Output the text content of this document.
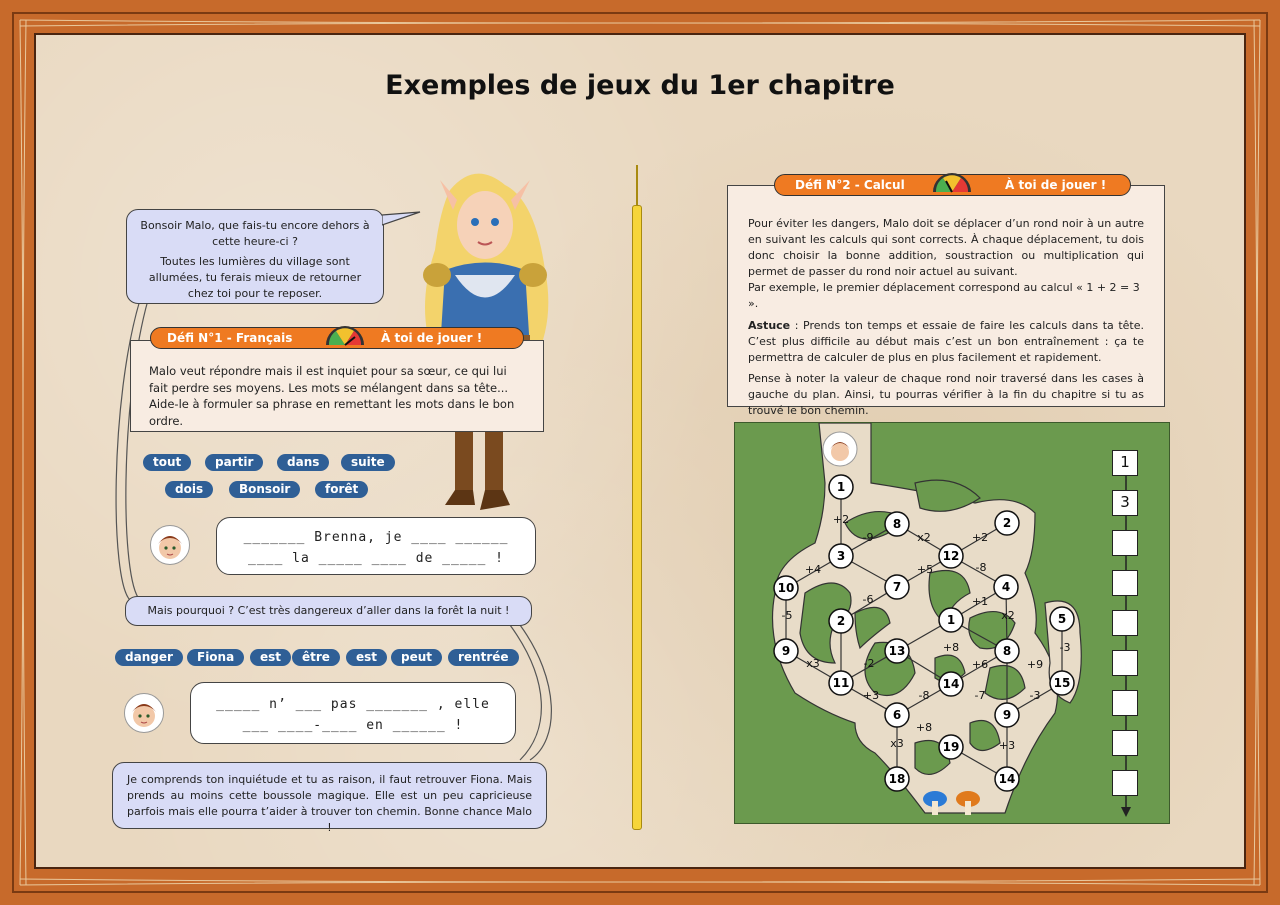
Exemples de jeux du 1er chapitre
Bonsoir Malo, que fais-tu encore dehors à cette heure-ci ?
Toutes les lumières du village sont allumées, tu ferais mieux de retourner chez toi pour te reposer.
Malo veut répondre mais il est inquiet pour sa sœur, ce qui lui fait perdre ses moyens. Les mots se mélangent dans sa tête... Aide-le à formuler sa phrase en remettant les mots dans le bon ordre.
Défi N°1 - Français	À toi de jouer !
tout	partir	dans	suite
dois	Bonsoir	forêt
_______ Brenna, je ____ ______
____ la _____ ____ de _____ !
Mais pourquoi ? C’est très dangereux d’aller dans la forêt la nuit !
danger	Fiona	est	être	est	peut	rentrée
_____ n’ ___ pas _______ , elle
___ ____-____ en ______ !
Je comprends ton inquiétude et tu as raison, il faut retrouver Fiona. Mais prends au moins cette boussole magique. Elle est un peu capricieuse parfois mais elle pourra t’aider à trouver ton chemin. Bonne chance Malo !
Pour éviter les dangers, Malo doit se déplacer d’un rond noir à un autre en suivant les calculs qui sont corrects. À chaque déplacement, tu dois donc choisir la bonne addition, soustraction ou multiplication qui permet de passer du rond noir actuel au suivant.
Par exemple, le premier déplacement correspond au calcul « 1 + 2 = 3 ».
Astuce : Prends ton temps et essaie de faire les calculs dans ta tête. C’est plus difficile au début mais c’est un bon entraînement : ça te permettra de calculer de plus en plus facilement et rapidement.
Pense à noter la valeur de chaque rond noir traversé dans les cases à gauche du plan. Ainsi, tu pourras vérifier à la fin du chapitre si tu as trouvé le bon chemin.
Défi N°2 - Calcul	À toi de jouer !
+2
-9	x2	+2
+4	+5	-8
-6	+1
-5	x2
x3	-2
+8
+6	+9
-3
-3
+3
-8	-7
+8
x3
+3
1
8	2
3	12
7	4
10
2	1	5
9	13	8
11	14	15
6	9
19
18	14
1
3
